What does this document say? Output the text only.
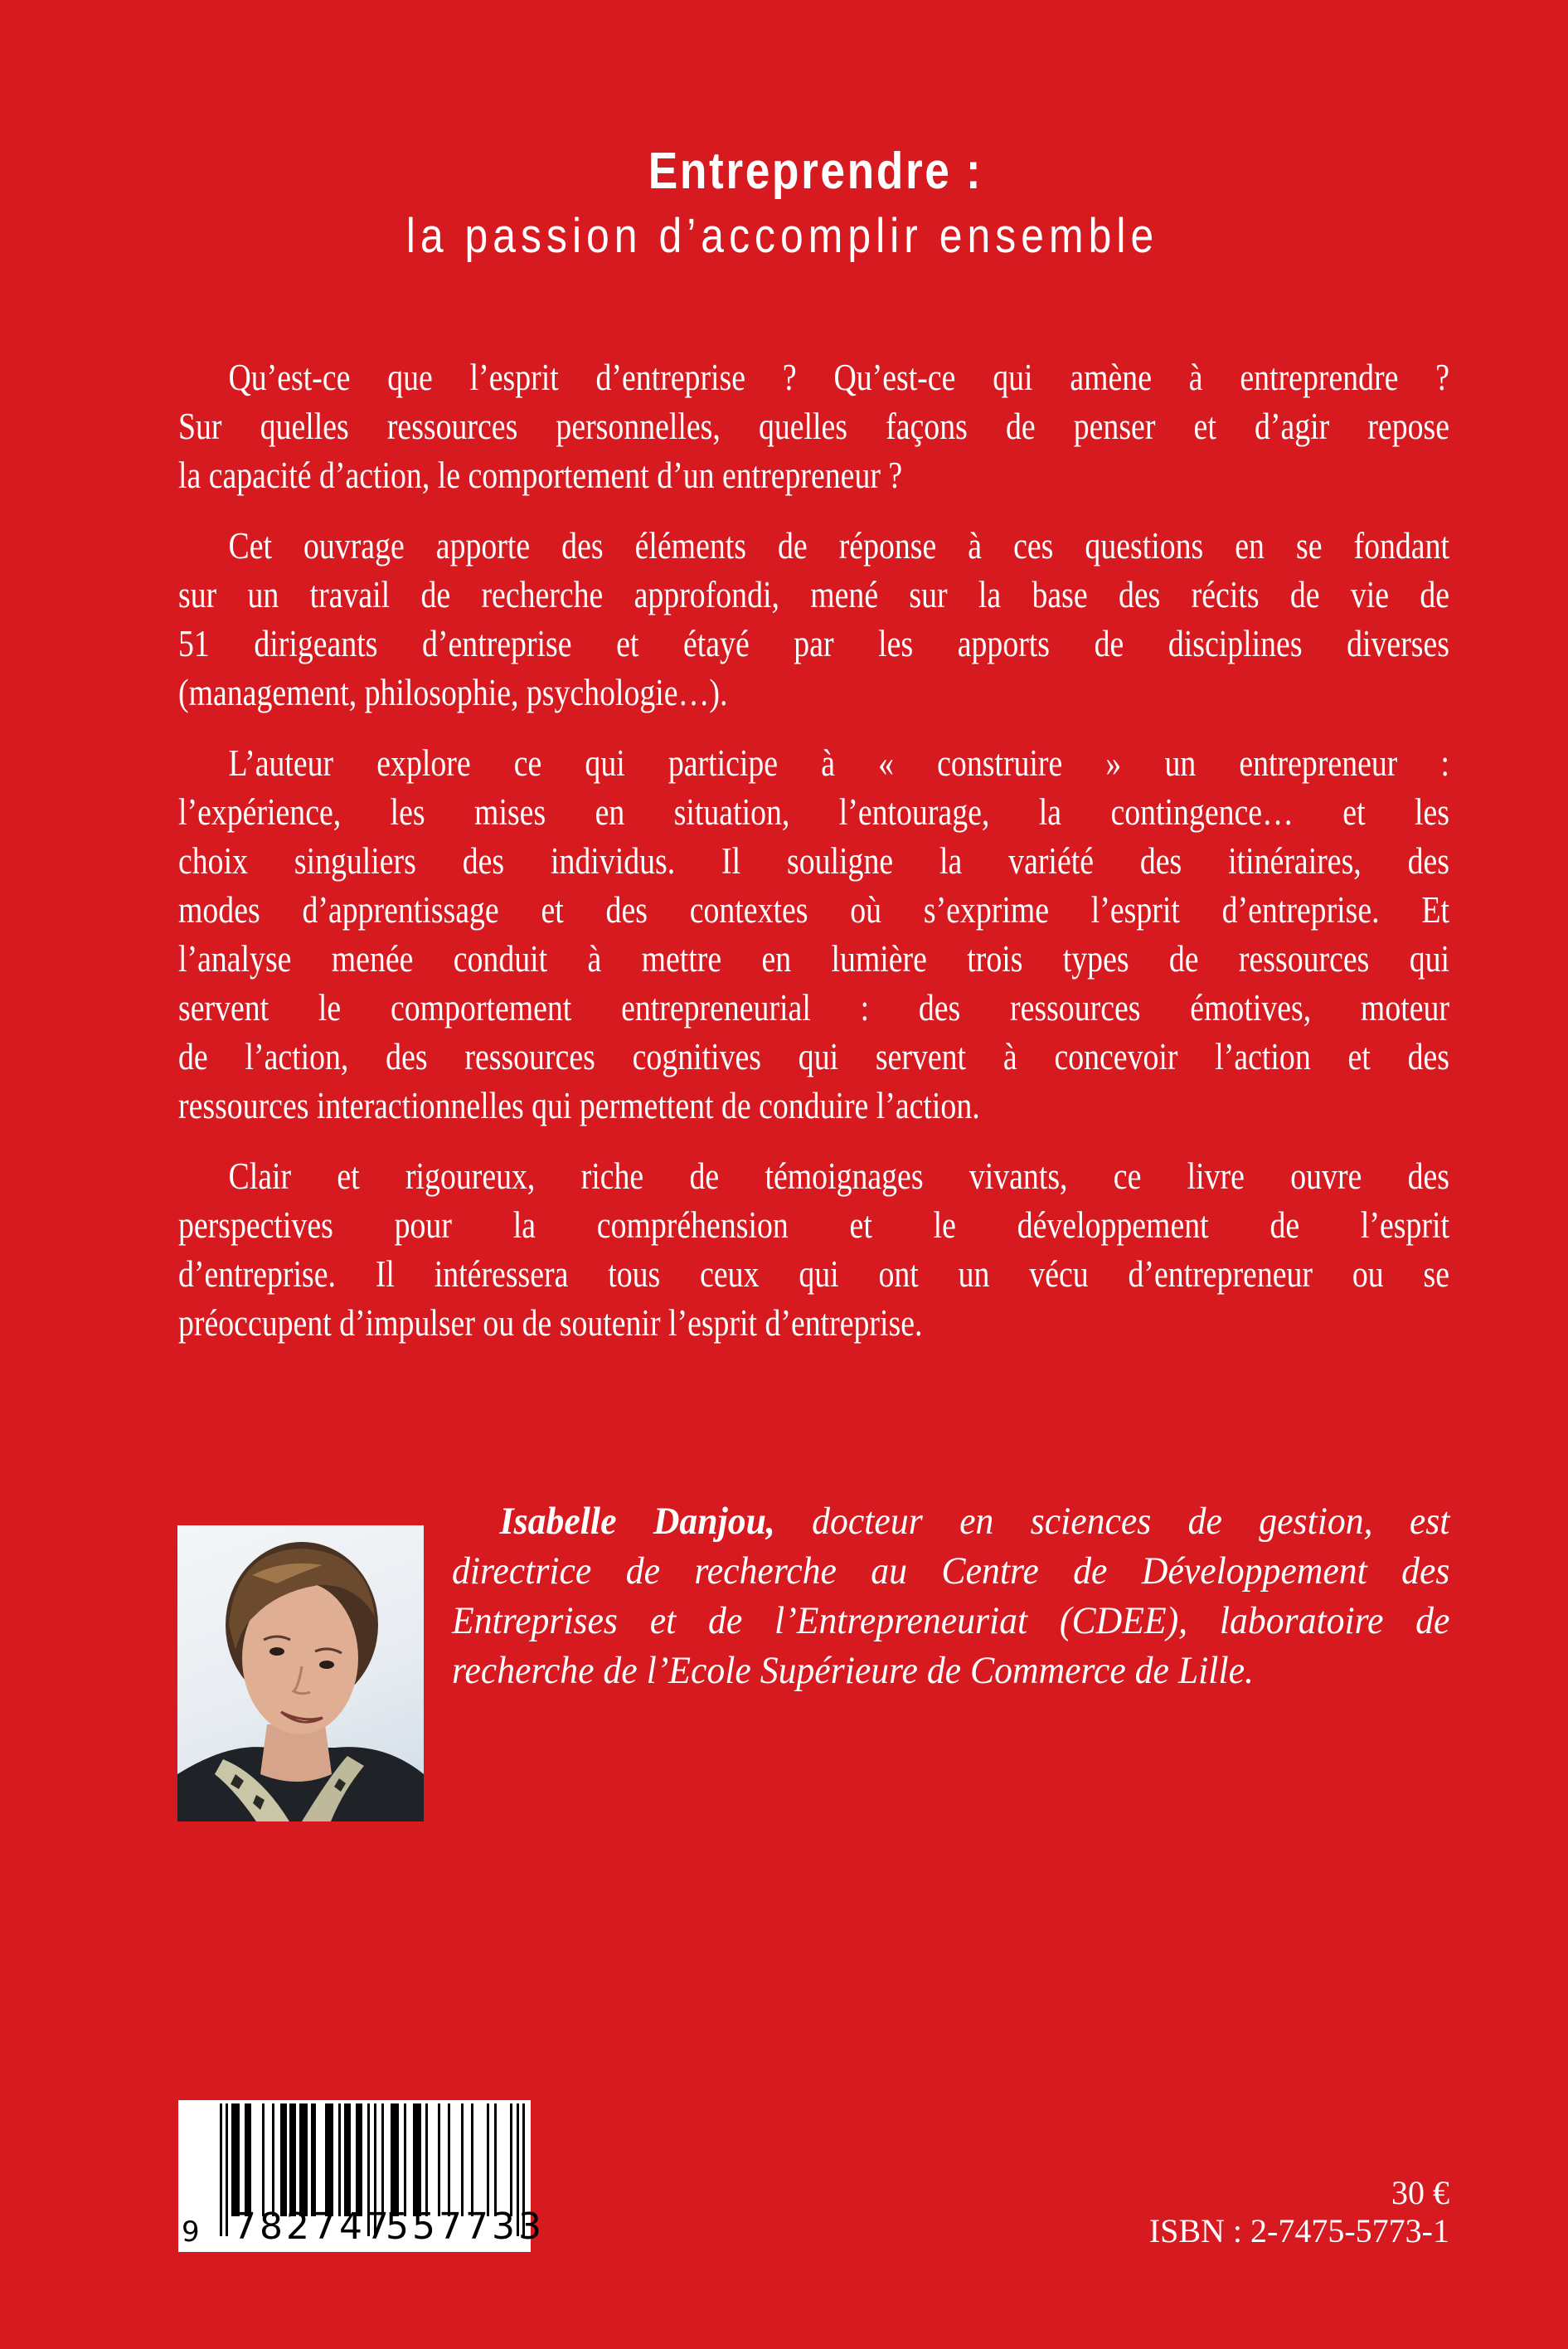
Entreprendre :
la passion d’accomplir ensemble
Qu’est-ce que l’esprit d’entreprise ? Qu’est-ce qui amène à entreprendre ?
Sur quelles ressources personnelles, quelles façons de penser et d’agir repose
la capacité d’action, le comportement d’un entrepreneur ?
Cet ouvrage apporte des éléments de réponse à ces questions en se fondant
sur un travail de recherche approfondi, mené sur la base des récits de vie de
51 dirigeants d’entreprise et étayé par les apports de disciplines diverses
(management, philosophie, psychologie…).
L’auteur explore ce qui participe à « construire » un entrepreneur :
l’expérience, les mises en situation, l’entourage, la contingence… et les
choix singuliers des individus. Il souligne la variété des itinéraires, des
modes d’apprentissage et des contextes où s’exprime l’esprit d’entreprise. Et
l’analyse menée conduit à mettre en lumière trois types de ressources qui
servent le comportement entrepreneurial : des ressources émotives, moteur
de l’action, des ressources cognitives qui servent à concevoir l’action et des
ressources interactionnelles qui permettent de conduire l’action.
Clair et rigoureux, riche de témoignages vivants, ce livre ouvre des
perspectives pour la compréhension et le développement de l’esprit
d’entreprise. Il intéressera tous ceux qui ont un vécu d’entrepreneur ou se
préoccupent d’impulser ou de soutenir l’esprit d’entreprise.
Isabelle Danjou, docteur en sciences de gestion, est
directrice de recherche au Centre de Développement des
Entreprises et de l’Entrepreneuriat (CDEE), laboratoire de
recherche de l’Ecole Supérieure de Commerce de Lille.
9 782747
557733
30 €
ISBN : 2-7475-5773-1
